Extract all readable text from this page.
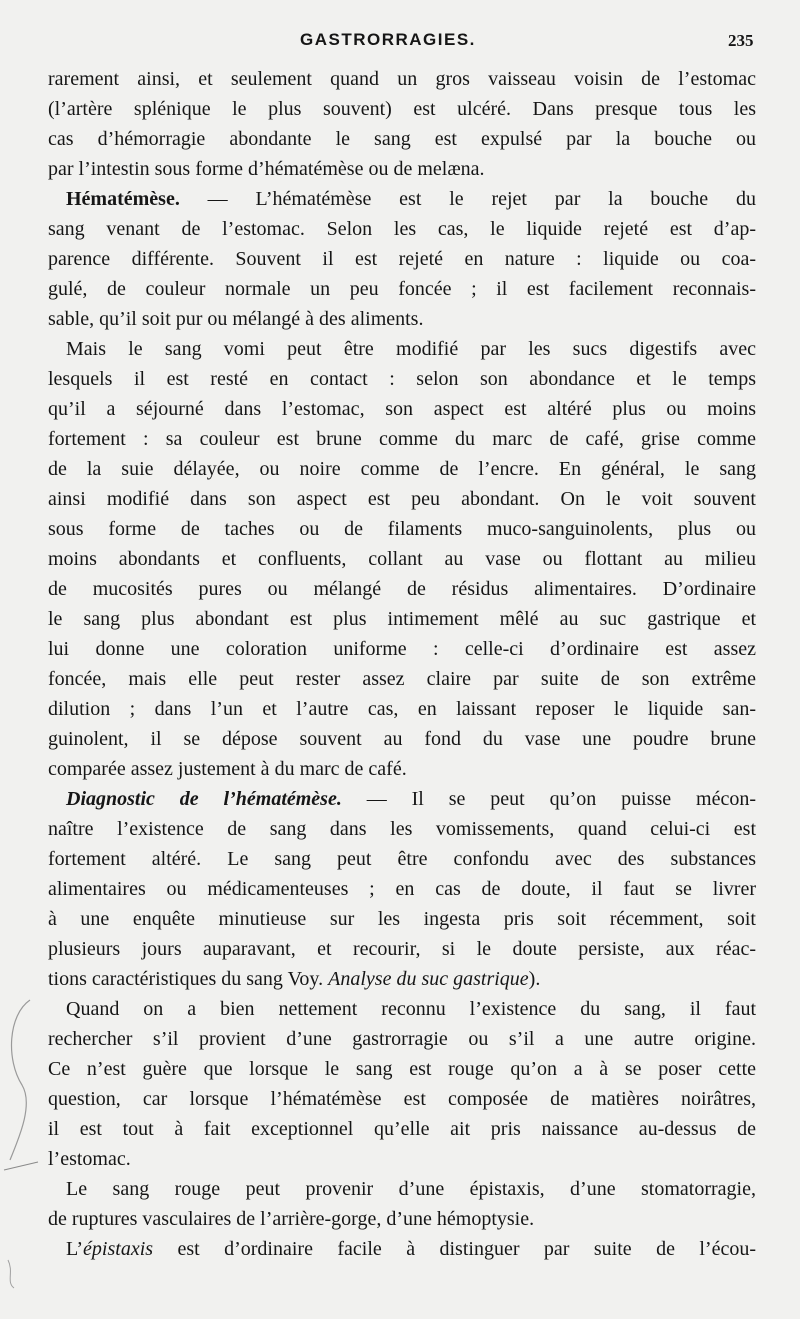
GASTRORRAGIES.	235
rarement ainsi, et seulement quand un gros vaisseau voisin de l’estomac
(l’artère splénique le plus souvent) est ulcéré. Dans presque tous les
cas d’hémorragie abondante le sang est expulsé par la bouche ou
par l’intestin sous forme d’hématémèse ou de melæna.
Hématémèse. — L’hématémèse est le rejet par la bouche du
sang venant de l’estomac. Selon les cas, le liquide rejeté est d’ap-
parence différente. Souvent il est rejeté en nature : liquide ou coa-
gulé, de couleur normale un peu foncée ; il est facilement reconnais-
sable, qu’il soit pur ou mélangé à des aliments.
Mais le sang vomi peut être modifié par les sucs digestifs avec
lesquels il est resté en contact : selon son abondance et le temps
qu’il a séjourné dans l’estomac, son aspect est altéré plus ou moins
fortement : sa couleur est brune comme du marc de café, grise comme
de la suie délayée, ou noire comme de l’encre. En général, le sang
ainsi modifié dans son aspect est peu abondant. On le voit souvent
sous forme de taches ou de filaments muco-sanguinolents, plus ou
moins abondants et confluents, collant au vase ou flottant au milieu
de mucosités pures ou mélangé de résidus alimentaires. D’ordinaire
le sang plus abondant est plus intimement mêlé au suc gastrique et
lui donne une coloration uniforme : celle-ci d’ordinaire est assez
foncée, mais elle peut rester assez claire par suite de son extrême
dilution ; dans l’un et l’autre cas, en laissant reposer le liquide san-
guinolent, il se dépose souvent au fond du vase une poudre brune
comparée assez justement à du marc de café.
Diagnostic de l’hématémèse. — Il se peut qu’on puisse mécon-
naître l’existence de sang dans les vomissements, quand celui-ci est
fortement altéré. Le sang peut être confondu avec des substances
alimentaires ou médicamenteuses ; en cas de doute, il faut se livrer
à une enquête minutieuse sur les ingesta pris soit récemment, soit
plusieurs jours auparavant, et recourir, si le doute persiste, aux réac-
tions caractéristiques du sang Voy. Analyse du suc gastrique).
Quand on a bien nettement reconnu l’existence du sang, il faut
rechercher s’il provient d’une gastrorragie ou s’il a une autre origine.
Ce n’est guère que lorsque le sang est rouge qu’on a à se poser cette
question, car lorsque l’hématémèse est composée de matières noirâtres,
il est tout à fait exceptionnel qu’elle ait pris naissance au-dessus de
l’estomac.
Le sang rouge peut provenir d’une épistaxis, d’une stomatorragie,
de ruptures vasculaires de l’arrière-gorge, d’une hémoptysie.
L’épistaxis est d’ordinaire facile à distinguer par suite de l’écou-
